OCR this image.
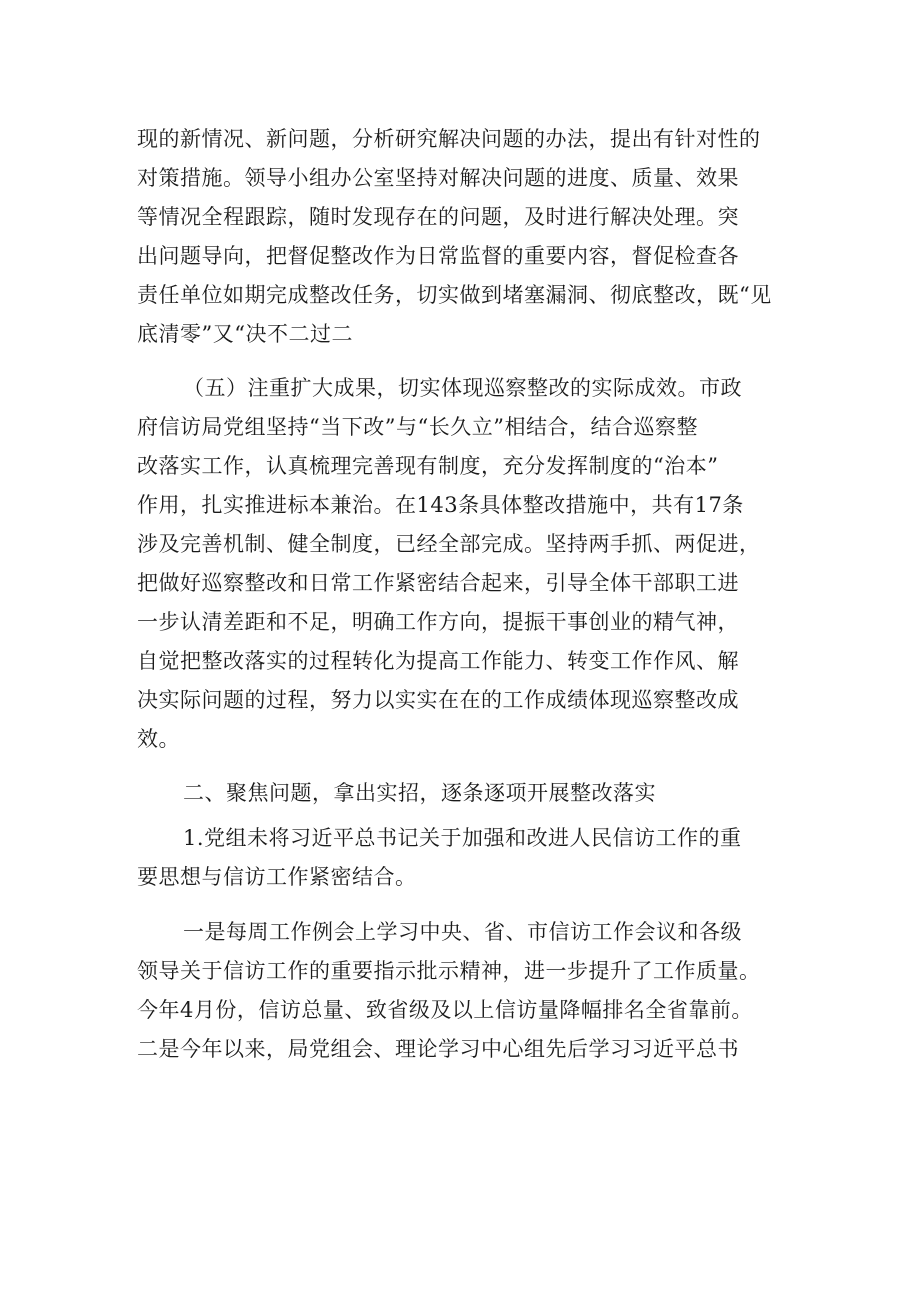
现的新情况、新问题，分析研究解决问题的办法，提出有针对性的
对策措施。领导小组办公室坚持对解决问题的进度、质量、效果
等情况全程跟踪，随时发现存在的问题，及时进行解决处理。突
出问题导向，把督促整改作为日常监督的重要内容，督促检查各
责任单位如期完成整改任务，切实做到堵塞漏洞、彻底整改，既“见
底清零”又“决不二过二
（五）注重扩大成果，切实体现巡察整改的实际成效。市政
府信访局党组坚持“当下改”与“长久立”相结合，结合巡察整
改落实工作，认真梳理完善现有制度，充分发挥制度的“治本”
作用，扎实推进标本兼治。在143条具体整改措施中，共有17条
涉及完善机制、健全制度，已经全部完成。坚持两手抓、两促进，
把做好巡察整改和日常工作紧密结合起来，引导全体干部职工进
一步认清差距和不足，明确工作方向，提振干事创业的精气神，
自觉把整改落实的过程转化为提高工作能力、转变工作作风、解
决实际问题的过程，努力以实实在在的工作成绩体现巡察整改成
效。
二、聚焦问题，拿出实招，逐条逐项开展整改落实
1.党组未将习近平总书记关于加强和改进人民信访工作的重
要思想与信访工作紧密结合。
一是每周工作例会上学习中央、省、市信访工作会议和各级
领导关于信访工作的重要指示批示精神，进一步提升了工作质量。
今年4月份，信访总量、致省级及以上信访量降幅排名全省靠前。
二是今年以来，局党组会、理论学习中心组先后学习习近平总书
